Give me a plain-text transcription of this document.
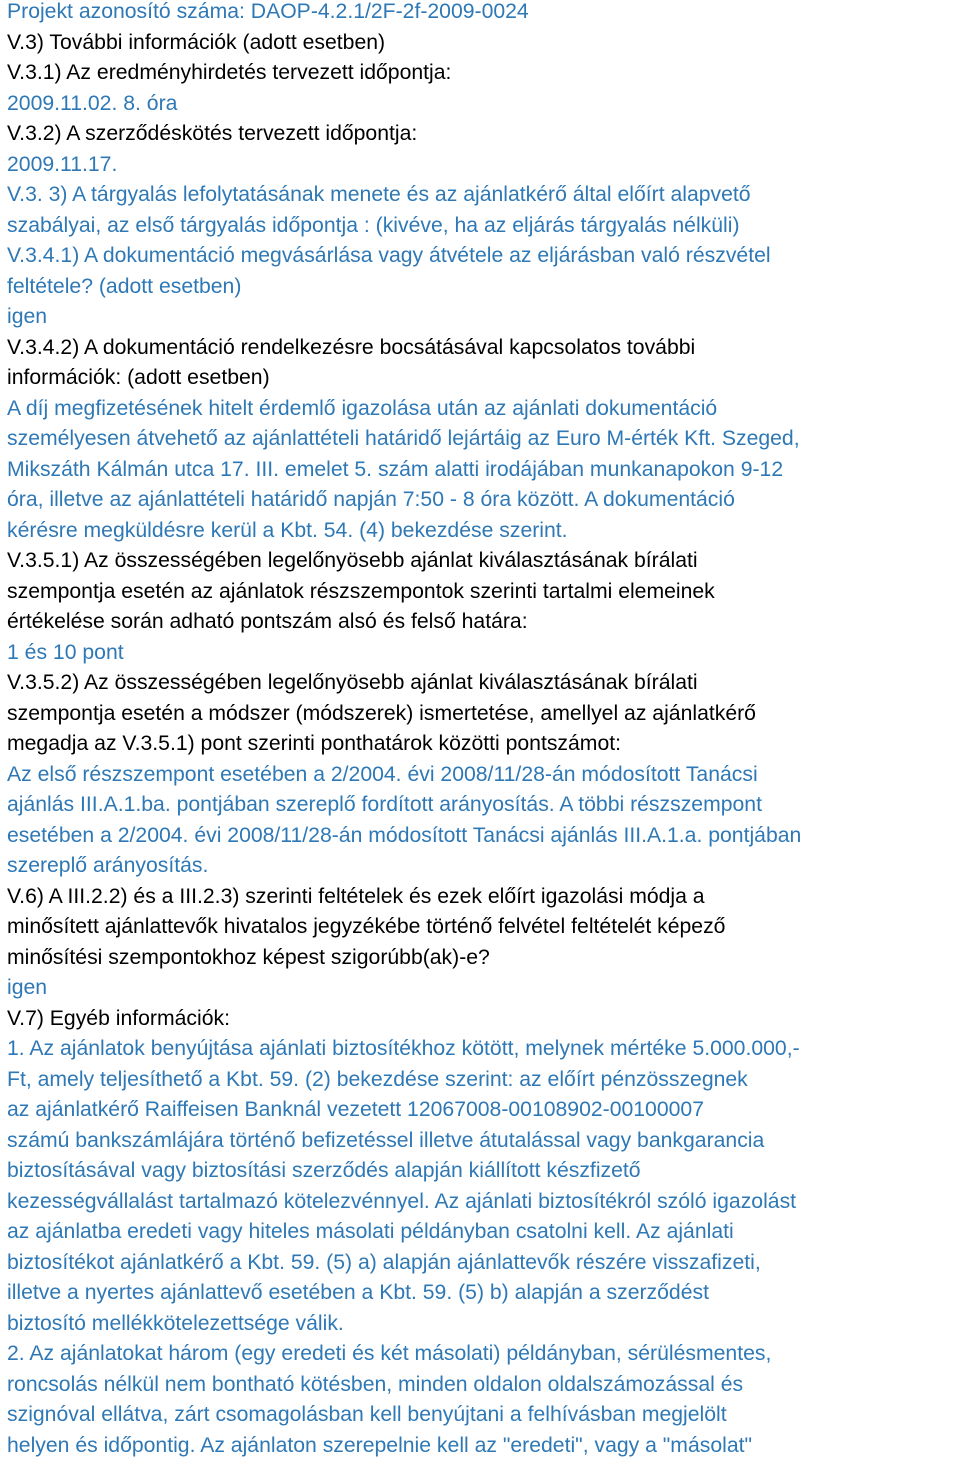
Projekt azonosító száma: DAOP-4.2.1/2F-2f-2009-0024
V.3) További információk (adott esetben)
V.3.1) Az eredményhirdetés tervezett időpontja:
2009.11.02. 8. óra
V.3.2) A szerződéskötés tervezett időpontja:
2009.11.17.
V.3. 3) A tárgyalás lefolytatásának menete és az ajánlatkérő által előírt alapvető
szabályai, az első tárgyalás időpontja : (kivéve, ha az eljárás tárgyalás nélküli)
V.3.4.1) A dokumentáció megvásárlása vagy átvétele az eljárásban való részvétel
feltétele? (adott esetben)
igen
V.3.4.2) A dokumentáció rendelkezésre bocsátásával kapcsolatos további
információk: (adott esetben)
A díj megfizetésének hitelt érdemlő igazolása után az ajánlati dokumentáció
személyesen átvehető az ajánlattételi határidő lejártáig az Euro M-érték Kft. Szeged,
Mikszáth Kálmán utca 17. III. emelet 5. szám alatti irodájában munkanapokon 9-12
óra, illetve az ajánlattételi határidő napján 7:50 - 8 óra között. A dokumentáció
kérésre megküldésre kerül a Kbt. 54. (4) bekezdése szerint.
V.3.5.1) Az összességében legelőnyösebb ajánlat kiválasztásának bírálati
szempontja esetén az ajánlatok részszempontok szerinti tartalmi elemeinek
értékelése során adható pontszám alsó és felső határa:
1 és 10 pont
V.3.5.2) Az összességében legelőnyösebb ajánlat kiválasztásának bírálati
szempontja esetén a módszer (módszerek) ismertetése, amellyel az ajánlatkérő
megadja az V.3.5.1) pont szerinti ponthatárok közötti pontszámot:
Az első részszempont esetében a 2/2004. évi 2008/11/28-án módosított Tanácsi
ajánlás III.A.1.ba. pontjában szereplő fordított arányosítás. A többi részszempont
esetében a 2/2004. évi 2008/11/28-án módosított Tanácsi ajánlás III.A.1.a. pontjában
szereplő arányosítás.
V.6) A III.2.2) és a III.2.3) szerinti feltételek és ezek előírt igazolási módja a
minősített ajánlattevők hivatalos jegyzékébe történő felvétel feltételét képező
minősítési szempontokhoz képest szigorúbb(ak)-e?
igen
V.7) Egyéb információk:
1. Az ajánlatok benyújtása ajánlati biztosítékhoz kötött, melynek mértéke 5.000.000,-
Ft, amely teljesíthető a Kbt. 59. (2) bekezdése szerint: az előírt pénzösszegnek
az ajánlatkérő Raiffeisen Banknál vezetett 12067008-00108902-00100007
számú bankszámlájára történő befizetéssel illetve átutalással vagy bankgarancia
biztosításával vagy biztosítási szerződés alapján kiállított készfizető
kezességvállalást tartalmazó kötelezvénnyel. Az ajánlati biztosítékról szóló igazolást
az ajánlatba eredeti vagy hiteles másolati példányban csatolni kell. Az ajánlati
biztosítékot ajánlatkérő a Kbt. 59. (5) a) alapján ajánlattevők részére visszafizeti,
illetve a nyertes ajánlattevő esetében a Kbt. 59. (5) b) alapján a szerződést
biztosító mellékkötelezettsége válik.
2. Az ajánlatokat három (egy eredeti és két másolati) példányban, sérülésmentes,
roncsolás nélkül nem bontható kötésben, minden oldalon oldalszámozással és
szignóval ellátva, zárt csomagolásban kell benyújtani a felhívásban megjelölt
helyen és időpontig. Az ajánlaton szerepelnie kell az "eredeti", vagy a "másolat"
